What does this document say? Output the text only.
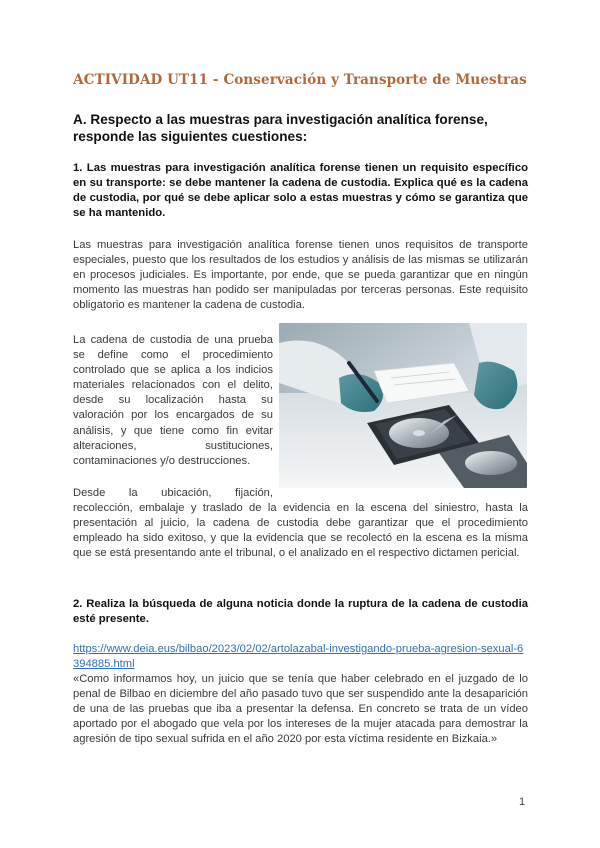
ACTIVIDAD UT11 - Conservación y Transporte de Muestras
A. Respecto a las muestras para investigación analítica forense, responde las siguientes cuestiones:
1. Las muestras para investigación analítica forense tienen un requisito específico en su transporte: se debe mantener la cadena de custodia. Explica qué es la cadena de custodia, por qué se debe aplicar solo a estas muestras y cómo se garantiza que se ha mantenido.
Las muestras para investigación analítica forense tienen unos requisitos de transporte especiales, puesto que los resultados de los estudios y análisis de las mismas se utilizarán en procesos judiciales. Es importante, por ende, que se pueda garantizar que en ningún momento las muestras han podido ser manipuladas por terceras personas. Este requisito obligatorio es mantener la cadena de custodia.
La cadena de custodia de una prueba se define como el procedimiento controlado que se aplica a los indicios materiales relacionados con el delito, desde su localización hasta su valoración por los encargados de su análisis, y que tiene como fin evitar alteraciones, sustituciones, contaminaciones y/o destrucciones.
Desde la ubicación, fijación,
recolección, embalaje y traslado de la evidencia en la escena del siniestro, hasta la presentación al juicio, la cadena de custodia debe garantizar que el procedimiento empleado ha sido exitoso, y que la evidencia que se recolectó en la escena es la misma que se está presentando ante el tribunal, o el analizado en el respectivo dictamen pericial.
2. Realiza la búsqueda de alguna noticia donde la ruptura de la cadena de custodia esté presente.
https://www.deia.eus/bilbao/2023/02/02/artolazabal-investigando-prueba-agresion-sexual-6394885.html
«Como informamos hoy, un juicio que se tenía que haber celebrado en el juzgado de lo penal de Bilbao en diciembre del año pasado tuvo que ser suspendido ante la desaparición de una de las pruebas que iba a presentar la defensa. En concreto se trata de un vídeo aportado por el abogado que vela por los intereses de la mujer atacada para demostrar la agresión de tipo sexual sufrida en el año 2020 por esta víctima residente en Bizkaia.»
1
